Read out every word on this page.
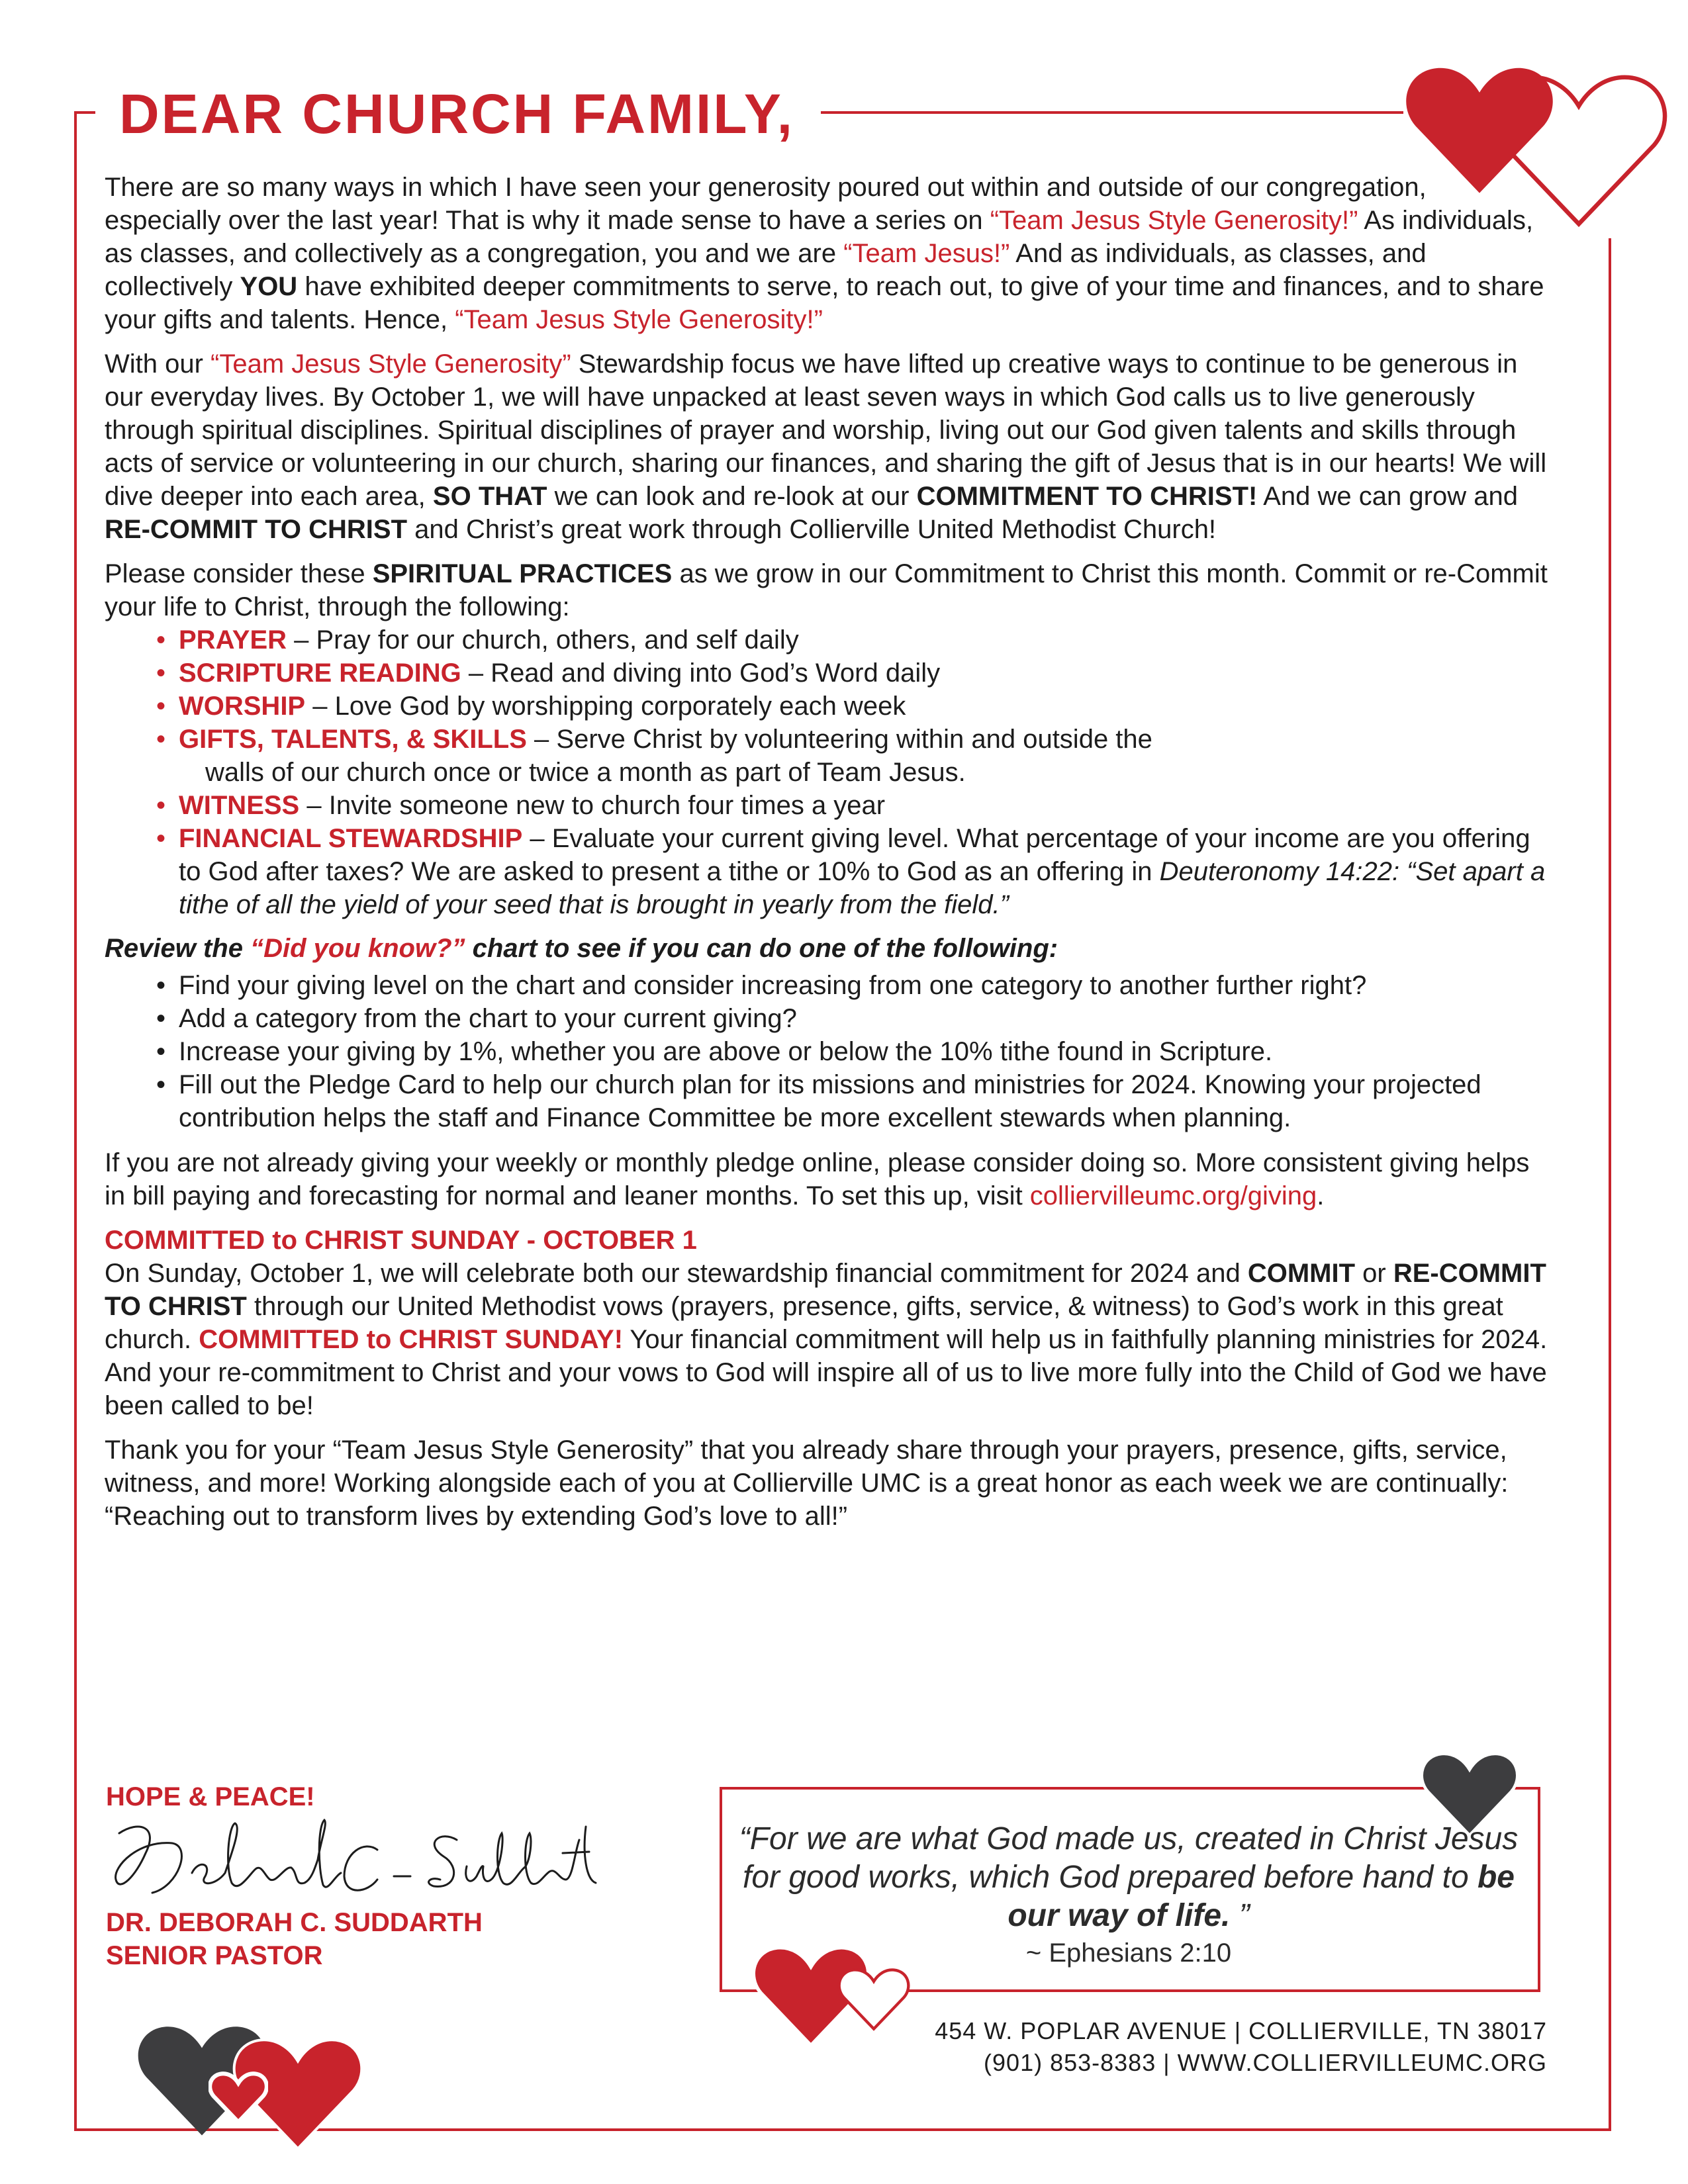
DEAR CHURCH FAMILY,

There are so many ways in which I have seen your generosity poured out within and outside of our congregation, especially over the last year! That is why it made sense to have a series on “Team Jesus Style Generosity!” As individuals, as classes, and collectively as a congregation, you and we are “Team Jesus!” And as individuals, as classes, and collectively YOU have exhibited deeper commitments to serve, to reach out, to give of your time and finances, and to share your gifts and talents. Hence, “Team Jesus Style Generosity!”

With our “Team Jesus Style Generosity” Stewardship focus we have lifted up creative ways to continue to be generous in our everyday lives. By October 1, we will have unpacked at least seven ways in which God calls us to live generously through spiritual disciplines. Spiritual disciplines of prayer and worship, living out our God given talents and skills through acts of service or volunteering in our church, sharing our finances, and sharing the gift of Jesus that is in our hearts! We will dive deeper into each area, SO THAT we can look and re-look at our COMMITMENT TO CHRIST! And we can grow and RE-COMMIT TO CHRIST and Christ’s great work through Collierville United Methodist Church!

Please consider these SPIRITUAL PRACTICES as we grow in our Commitment to Christ this month. Commit or re-Commit your life to Christ, through the following:

• PRAYER – Pray for our church, others, and self daily
• SCRIPTURE READING – Read and diving into God’s Word daily
• WORSHIP – Love God by worshipping corporately each week
• GIFTS, TALENTS, & SKILLS – Serve Christ by volunteering within and outside the
walls of our church once or twice a month as part of Team Jesus.
• WITNESS – Invite someone new to church four times a year
• FINANCIAL STEWARDSHIP – Evaluate your current giving level. What percentage of your income are you offering to God after taxes? We are asked to present a tithe or 10% to God as an offering in Deuteronomy 14:22: “Set apart a tithe of all the yield of your seed that is brought in yearly from the field.”

Review the “Did you know?” chart to see if you can do one of the following:

• Find your giving level on the chart and consider increasing from one category to another further right?
• Add a category from the chart to your current giving?
• Increase your giving by 1%, whether you are above or below the 10% tithe found in Scripture.
• Fill out the Pledge Card to help our church plan for its missions and ministries for 2024. Knowing your projected contribution helps the staff and Finance Committee be more excellent stewards when planning.

If you are not already giving your weekly or monthly pledge online, please consider doing so. More consistent giving helps in bill paying and forecasting for normal and leaner months. To set this up, visit colliervilleumc.org/giving.

COMMITTED to CHRIST SUNDAY - OCTOBER 1

On Sunday, October 1, we will celebrate both our stewardship financial commitment for 2024 and COMMIT or RE-COMMIT TO CHRIST through our United Methodist vows (prayers, presence, gifts, service, & witness) to God’s work in this great church. COMMITTED to CHRIST SUNDAY! Your financial commitment will help us in faithfully planning ministries for 2024. And your re-commitment to Christ and your vows to God will inspire all of us to live more fully into the Child of God we have been called to be!

Thank you for your “Team Jesus Style Generosity” that you already share through your prayers, presence, gifts, service, witness, and more! Working alongside each of you at Collierville UMC is a great honor as each week we are continually: “Reaching out to transform lives by extending God’s love to all!”

HOPE & PEACE!
DR. DEBORAH C. SUDDARTH
SENIOR PASTOR
“For we are what God made us, created in Christ Jesus for good works, which God prepared before hand to be our way of life. ”
~ Ephesians 2:10
454 W. POPLAR AVENUE | COLLIERVILLE, TN 38017
(901) 853-8383 | WWW.COLLIERVILLEUMC.ORG
